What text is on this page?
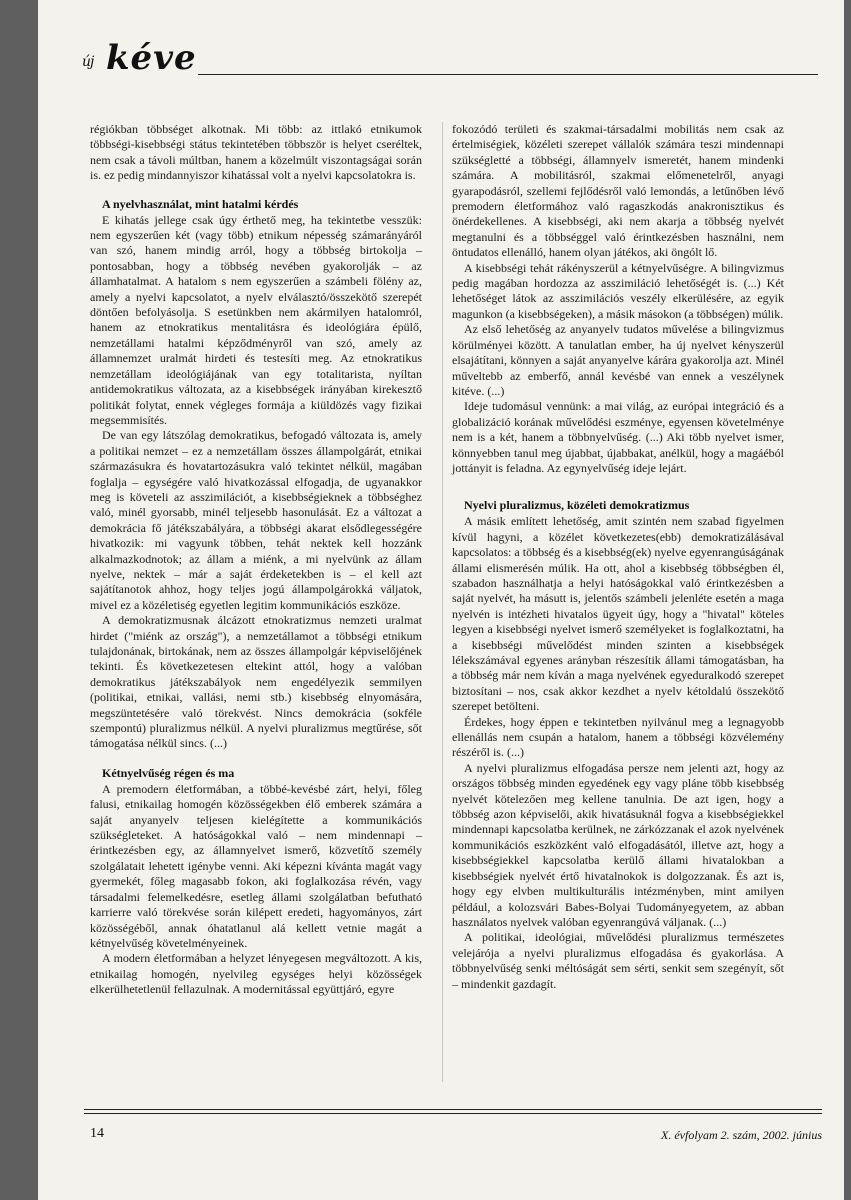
új kéve

régiókban többséget alkotnak. Mi több: az ittlakó etnikumok többségi-kisebbségi státus tekintetében többször is helyet cseréltek, nem csak a távoli múltban, hanem a közelmúlt viszontagságai során is. ez pedig mindannyiszor kihatással volt a nyelvi kapcsolatokra is.

A nyelvhasználat, mint hatalmi kérdés

E kihatás jellege csak úgy érthető meg, ha tekintetbe vesszük: nem egyszerűen két (vagy több) etnikum népesség számarányáról van szó, hanem mindig arról, hogy a többség birtokolja – pontosabban, hogy a többség nevében gyakorolják – az államhatalmat. A hatalom s nem egyszerűen a számbeli fölény az, amely a nyelvi kapcsolatot, a nyelv elválasztó/összekötő szerepét döntően befolyásolja. S esetünkben nem akármilyen hatalomról, hanem az etnokratikus mentalitásra és ideológiára épülő, nemzetállami hatalmi képződményről van szó, amely az államnemzet uralmát hirdeti és testesíti meg. Az etnokratikus nemzetállam ideológiájának van egy totalitarista, nyíltan antidemokratikus változata, az a kisebbségek irányában kirekesztő politikát folytat, ennek végleges formája a kiüldözés vagy fizikai megsemmisítés.

De van egy látszólag demokratikus, befogadó változata is, amely a politikai nemzet – ez a nemzetállam összes állampolgárát, etnikai származásukra és hovatartozásukra való tekintet nélkül, magában foglalja – egységére való hivatkozással elfogadja, de ugyanakkor meg is követeli az asszimilációt, a kisebbségieknek a többséghez való, minél gyorsabb, minél teljesebb hasonulását. Ez a változat a demokrácia fő játékszabályára, a többségi akarat elsődlegességére hivatkozik: mi vagyunk többen, tehát nektek kell hozzánk alkalmazkodnotok; az állam a miénk, a mi nyelvünk az állam nyelve, nektek – már a saját érdeketekben is – el kell azt sajátítanotok ahhoz, hogy teljes jogú állampolgárokká váljatok, mivel ez a közéletiség egyetlen legitim kommunikációs eszköze.

A demokratizmusnak álcázott etnokratizmus nemzeti uralmat hirdet ("miénk az ország"), a nemzetállamot a többségi etnikum tulajdonának, birtokának, nem az összes állampolgár képviselőjének tekinti. És következetesen eltekint attól, hogy a valóban demokratikus játékszabályok nem engedélyezik semmilyen (politikai, etnikai, vallási, nemi stb.) kisebbség elnyomására, megszüntetésére való törekvést. Nincs demokrácia (sokféle szempontú) pluralizmus nélkül. A nyelvi pluralizmus megtűrése, sőt támogatása nélkül sincs. (...)

Kétnyelvűség régen és ma

A premodern életformában, a többé-kevésbé zárt, helyi, főleg falusi, etnikailag homogén közösségekben élő emberek számára a saját anyanyelv teljesen kielégítette a kommunikációs szükségleteket. A hatóságokkal való – nem mindennapi – érintkezésben egy, az államnyelvet ismerő, közvetítő személy szolgálatait lehetett igénybe venni. Aki képezni kívánta magát vagy gyermekét, főleg magasabb fokon, aki foglalkozása révén, vagy társadalmi felemelkedésre, esetleg állami szolgálatban befutható karrierre való törekvése során kilépett eredeti, hagyományos, zárt közösségéből, annak óhatatlanul alá kellett vetnie magát a kétnyelvűség követelményeinek.

A modern életformában a helyzet lényegesen megváltozott. A kis, etnikailag homogén, nyelvileg egységes helyi közösségek elkerülhetetlenül fellazulnak. A modernitással együttjáró, egyre

fokozódó területi és szakmai-társadalmi mobilitás nem csak az értelmiségiek, közéleti szerepet vállalók számára teszi mindennapi szükségletté a többségi, államnyelv ismeretét, hanem mindenki számára. A mobilitásról, szakmai előmenetelről, anyagi gyarapodásról, szellemi fejlődésről való lemondás, a letűnőben lévő premodern életformához való ragaszkodás anakronisztikus és önérdekellenes. A kisebbségi, aki nem akarja a többség nyelvét megtanulni és a többséggel való érintkezésben használni, nem öntudatos ellenálló, hanem olyan játékos, aki öngólt lő.

A kisebbségi tehát rákényszerül a kétnyelvűségre. A bilingvizmus pedig magában hordozza az asszimiláció lehetőségét is. (...) Két lehetőséget látok az asszimilációs veszély elkerülésére, az egyik magunkon (a kisebbségeken), a másik másokon (a többségen) múlik.

Az első lehetőség az anyanyelv tudatos művelése a bilingvizmus körülményei között. A tanulatlan ember, ha új nyelvet kényszerül elsajátítani, könnyen a saját anyanyelve kárára gyakorolja azt. Minél műveltebb az emberfő, annál kevésbé van ennek a veszélynek kitéve. (...)

Ideje tudomásul vennünk: a mai világ, az európai integráció és a globalizáció korának művelődési eszménye, egyensen követelménye nem is a két, hanem a többnyelvűség. (...) Aki több nyelvet ismer, könnyebben tanul meg újabbat, újabbakat, anélkül, hogy a magáéból jottányit is feladna. Az egynyelvűség ideje lejárt.

Nyelvi pluralizmus, közéleti demokratizmus

A másik említett lehetőség, amit szintén nem szabad figyelmen kívül hagyni, a közélet következetes(ebb) demokratizálásával kapcsolatos: a többség és a kisebbség(ek) nyelve egyenrangúságának állami elismerésén múlik. Ha ott, ahol a kisebbség többségben él, szabadon használhatja a helyi hatóságokkal való érintkezésben a saját nyelvét, ha másutt is, jelentős számbeli jelenléte esetén a maga nyelvén is intézheti hivatalos ügyeit úgy, hogy a "hivatal" köteles legyen a kisebbségi nyelvet ismerő személyeket is foglalkoztatni, ha a kisebbségi művelődést minden szinten a kisebbségek lélekszámával egyenes arányban részesítik állami támogatásban, ha a többség már nem kíván a maga nyelvének egyeduralkodó szerepet biztosítani – nos, csak akkor kezdhet a nyelv kétoldalú összekötő szerepet betölteni.

Érdekes, hogy éppen e tekintetben nyilvánul meg a legnagyobb ellenállás nem csupán a hatalom, hanem a többségi közvélemény részéről is. (...)

A nyelvi pluralizmus elfogadása persze nem jelenti azt, hogy az országos többség minden egyedének egy vagy pláne több kisebbség nyelvét kötelezően meg kellene tanulnia. De azt igen, hogy a többség azon képviselői, akik hivatásuknál fogva a kisebbségiekkel mindennapi kapcsolatba kerülnek, ne zárkózzanak el azok nyelvének kommunikációs eszközként való elfogadásától, illetve azt, hogy a kisebbségiekkel kapcsolatba kerülő állami hivatalokban a kisebbségiek nyelvét értő hivatalnokok is dolgozzanak. És azt is, hogy egy elvben multikulturális intézményben, mint amilyen például, a kolozsvári Babes-Bolyai Tudományegyetem, az abban használatos nyelvek valóban egyenrangúvá váljanak. (...)

A politikai, ideológiai, művelődési pluralizmus természetes velejárója a nyelvi pluralizmus elfogadása és gyakorlása. A többnyelvűség senki méltóságát sem sérti, senkit sem szegényít, sőt – mindenkit gazdagít.

14	X. évfolyam 2. szám, 2002. június
